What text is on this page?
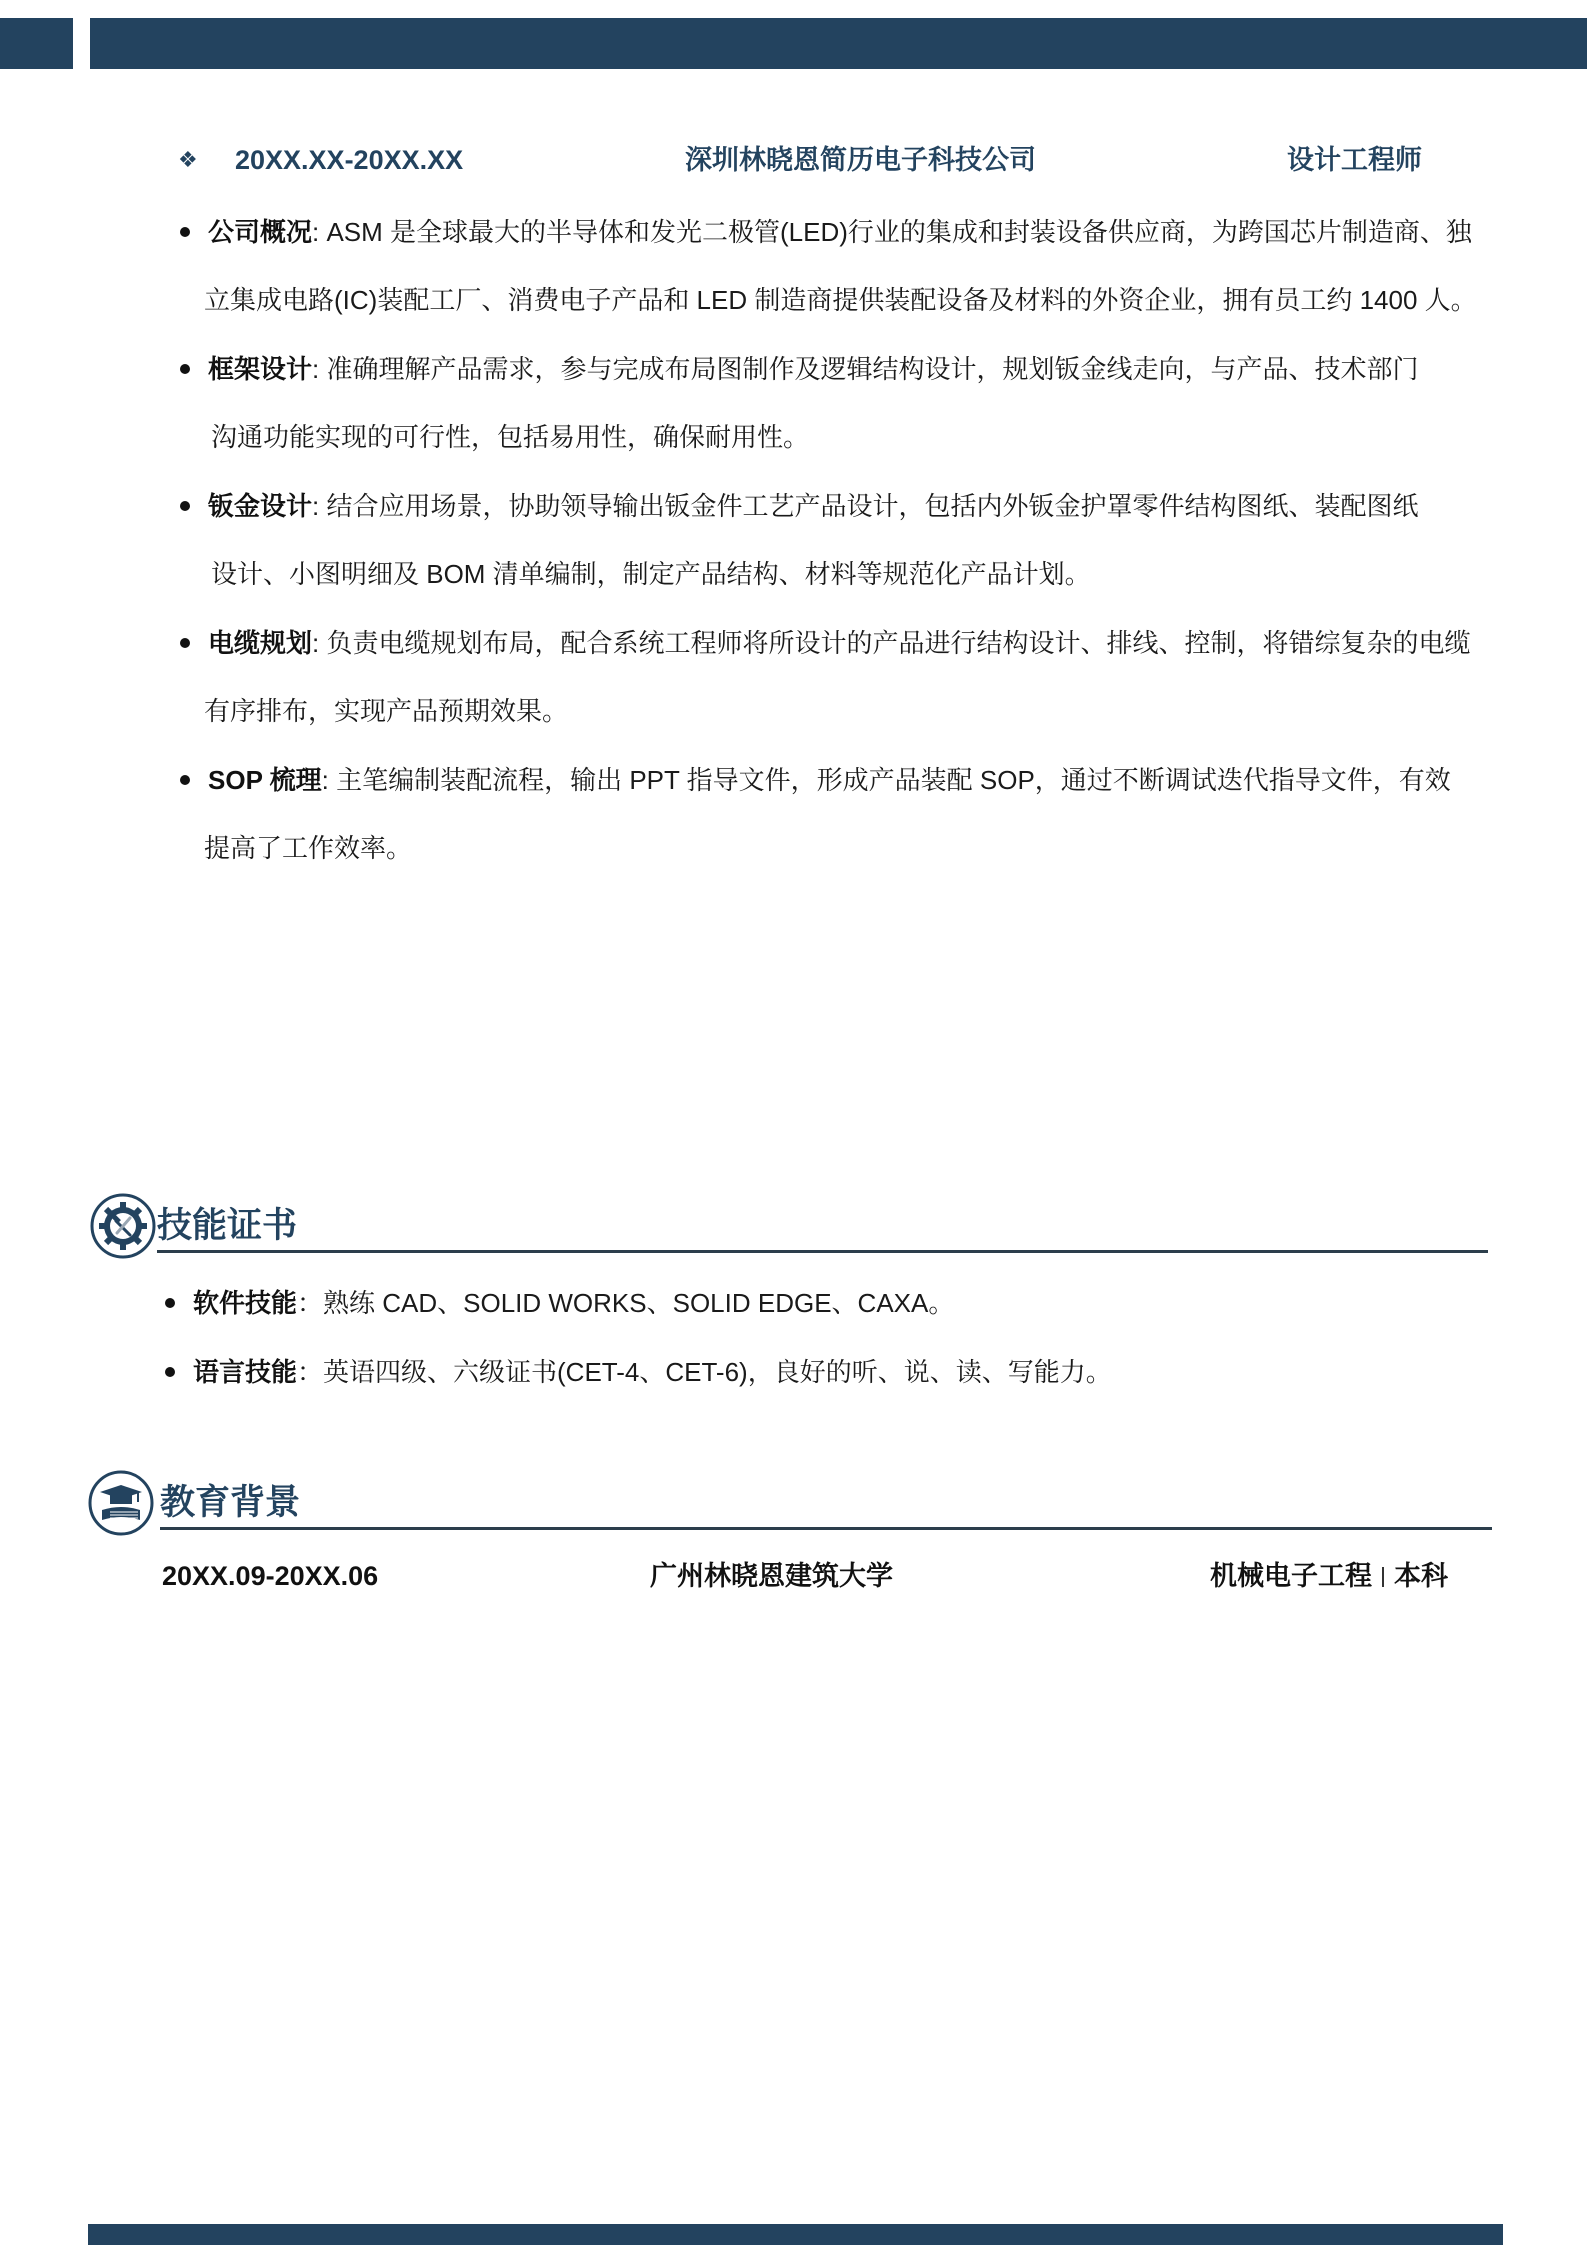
❖ 20XX.XX-20XX.XX	深圳林晓恩简历电子科技公司	设计工程师
公司概况: ASM 是全球最大的半导体和发光二极管(LED)行业的集成和封装设备供应商，为跨国芯片制造商、独
立集成电路(IC)装配工厂、消费电子产品和 LED 制造商提供装配设备及材料的外资企业，拥有员工约 1400 人。
框架设计: 准确理解产品需求，参与完成布局图制作及逻辑结构设计，规划钣金线走向，与产品、技术部门
沟通功能实现的可行性，包括易用性，确保耐用性。
钣金设计: 结合应用场景，协助领导输出钣金件工艺产品设计，包括内外钣金护罩零件结构图纸、装配图纸
设计、小图明细及 BOM 清单编制，制定产品结构、材料等规范化产品计划。
电缆规划: 负责电缆规划布局，配合系统工程师将所设计的产品进行结构设计、排线、控制，将错综复杂的电缆
有序排布，实现产品预期效果。
SOP 梳理: 主笔编制装配流程，输出 PPT 指导文件，形成产品装配 SOP，通过不断调试迭代指导文件，有效
提高了工作效率。
技能证书
软件技能：熟练 CAD、SOLID WORKS、SOLID EDGE、CAXA。
语言技能：英语四级、六级证书(CET-4、CET-6)，良好的听、说、读、写能力。
教育背景
20XX.09-20XX.06	广州林晓恩建筑大学	机械电子工程 本科
